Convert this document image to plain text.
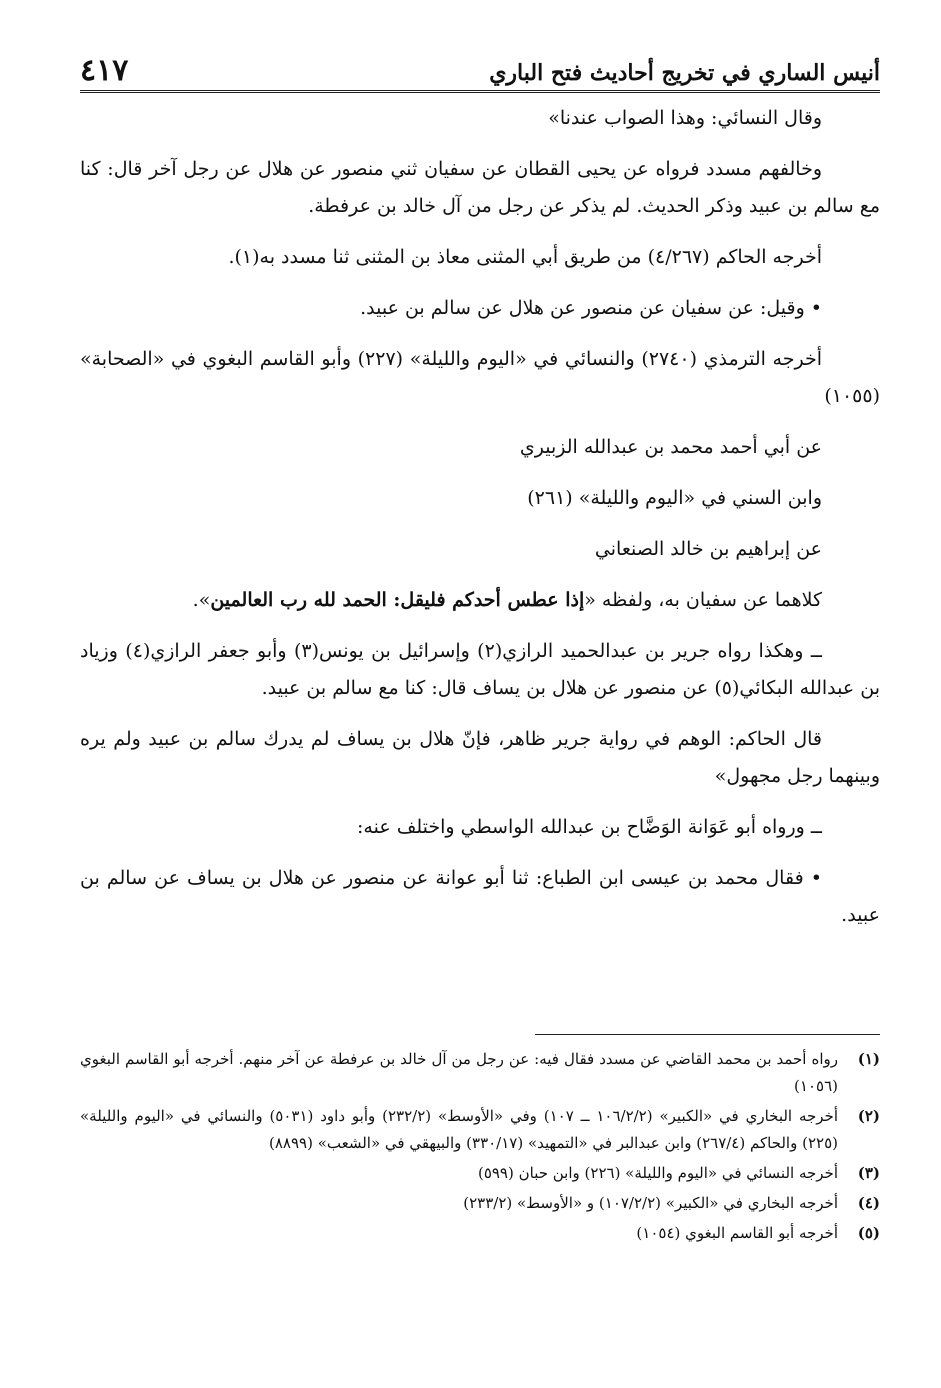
٤١٧	أنيس الساري في تخريج أحاديث فتح الباري

وقال النسائي: وهذا الصواب عندنا»

وخالفهم مسدد فرواه عن يحيى القطان عن سفيان ثني منصور عن هلال عن رجل آخر قال: كنا مع سالم بن عبيد وذكر الحديث. لم يذكر عن رجل من آل خالد بن عرفطة.

أخرجه الحاكم (٤/٢٦٧) من طريق أبي المثنى معاذ بن المثنى ثنا مسدد به(١).

• وقيل: عن سفيان عن منصور عن هلال عن سالم بن عبيد.

أخرجه الترمذي (٢٧٤٠) والنسائي في «اليوم والليلة» (٢٢٧) وأبو القاسم البغوي في «الصحابة» (١٠٥٥)

عن أبي أحمد محمد بن عبدالله الزبيري

وابن السني في «اليوم والليلة» (٢٦١)

عن إبراهيم بن خالد الصنعاني

كلاهما عن سفيان به، ولفظه «إذا عطس أحدكم فليقل: الحمد لله رب العالمين».

ــ وهكذا رواه جرير بن عبدالحميد الرازي(٢) وإسرائيل بن يونس(٣) وأبو جعفر الرازي(٤) وزياد بن عبدالله البكائي(٥) عن منصور عن هلال بن يساف قال: كنا مع سالم بن عبيد.

قال الحاكم: الوهم في رواية جرير ظاهر، فإنّ هلال بن يساف لم يدرك سالم بن عبيد ولم يره وبينهما رجل مجهول»

ــ ورواه أبو عَوَانة الوَضَّاح بن عبدالله الواسطي واختلف عنه:

• فقال محمد بن عيسى ابن الطباع: ثنا أبو عوانة عن منصور عن هلال بن يساف عن سالم بن عبيد.

(١)
رواه أحمد بن محمد القاضي عن مسدد فقال فيه: عن رجل من آل خالد بن عرفطة عن آخر منهم. أخرجه أبو القاسم البغوي (١٠٥٦)
(٢)
أخرجه البخاري في «الكبير» (١٠٦/٢/٢ ــ ١٠٧) وفي «الأوسط» (٢٣٢/٢) وأبو داود (٥٠٣١) والنسائي في «اليوم والليلة» (٢٢٥) والحاكم (٢٦٧/٤) وابن عبدالبر في «التمهيد» (٣٣٠/١٧) والبيهقي في «الشعب» (٨٨٩٩)
(٣)
أخرجه النسائي في «اليوم والليلة» (٢٢٦) وابن حبان (٥٩٩)
(٤)
أخرجه البخاري في «الكبير» (١٠٧/٢/٢) و «الأوسط» (٢٣٣/٢)
(٥)
أخرجه أبو القاسم البغوي (١٠٥٤)
